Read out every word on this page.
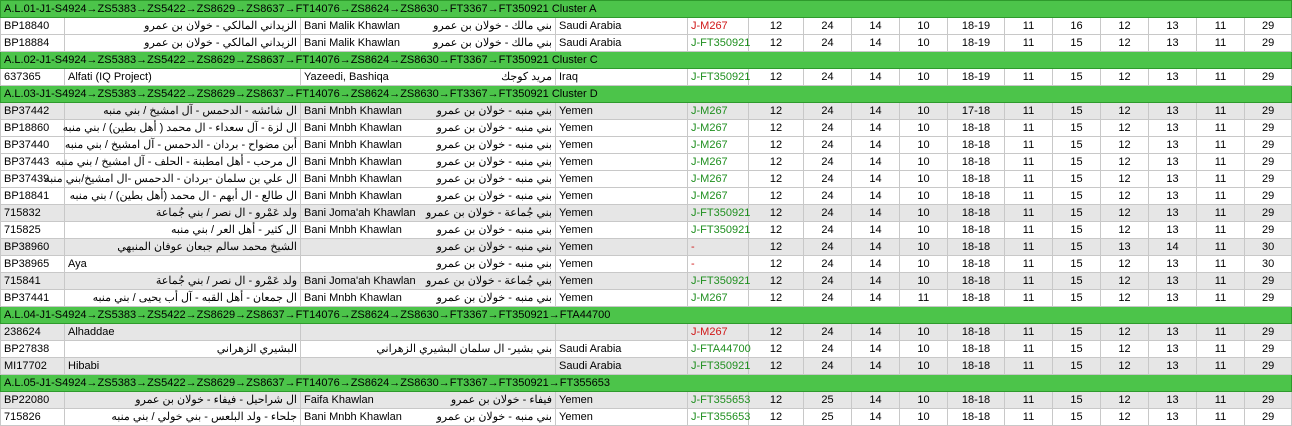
A.L.01-J1-S4924→ZS5383→ZS5422→ZS8629→ZS8637→FT14076→ZS8624→ZS8630→FT3367→FT350921 Cluster A															
BP18840	الزيداني المالكي - خولان بن عمرو	Bani Malik Khawlan بني مالك - خولان بن عمرو	Saudi Arabia	J-M267	12	24	14	10	18-19	11	16	12	13	11	29
BP18884	الزيداني المالكي - خولان بن عمرو	Bani Malik Khawlan بني مالك - خولان بن عمرو	Saudi Arabia	J-FT350921	12	24	14	10	18-19	11	15	12	13	11	29
A.L.02-J1-S4924→ZS5383→ZS5422→ZS8629→ZS8637→FT14076→ZS8624→ZS8630→FT3367→FT350921 Cluster C															
637365	Alfati (IQ Project)	Yazeedi, Bashiqa مريد كوجك	Iraq	J-FT350921	12	24	14	10	18-19	11	15	12	13	11	29
A.L.03-J1-S4924→ZS5383→ZS5422→ZS8629→ZS8637→FT14076→ZS8624→ZS8630→FT3367→FT350921 Cluster D															
BP37442	ال شائشه - الدحمس - آل امشيخ / بني منبه	Bani Mnbh Khawlan بني منبه - خولان بن عمرو	Yemen	J-M267	12	24	14	10	17-18	11	15	12	13	11	29
BP18860	ال لزة - آل سعداء - ال محمد ( أهل بطين) / بني منبه	Bani Mnbh Khawlan بني منبه - خولان بن عمرو	Yemen	J-M267	12	24	14	10	18-18	11	15	12	13	11	29
BP37440	أبن مضواح - بردان - الدحمس - آل امشيخ / بني منبه	Bani Mnbh Khawlan بني منبه - خولان بن عمرو	Yemen	J-M267	12	24	14	10	18-18	11	15	12	13	11	29
BP37443	ال مرحب - أهل امطبنة - الحلف - آل امشيخ / بني منبه	Bani Mnbh Khawlan بني منبه - خولان بن عمرو	Yemen	J-M267	12	24	14	10	18-18	11	15	12	13	11	29
BP37439	ال علي بن سلمان -بردان - الدحمس -ال امشيخ/بني منبه	Bani Mnbh Khawlan بني منبه - خولان بن عمرو	Yemen	J-M267	12	24	14	10	18-18	11	15	12	13	11	29
BP18841	ال طالع - ال أبهم - ال محمد (أهل بطين) / بني منبه	Bani Mnbh Khawlan بني منبه - خولان بن عمرو	Yemen	J-M267	12	24	14	10	18-18	11	15	12	13	11	29
715832	ولد عَمْرو - ال نصر / بني جُماعة	Bani Joma'ah Khawlan بني جُماعة - خولان بن عمرو	Yemen	J-FT350921	12	24	14	10	18-18	11	15	12	13	11	29
715825	ال كثير - أهل العر / بني منبه	Bani Mnbh Khawlan بني منبه - خولان بن عمرو	Yemen	J-FT350921	12	24	14	10	18-18	11	15	12	13	11	29
BP38960	الشيخ محمد سالم جبعان عوفان المنبهي	بني منبه - خولان بن عمرو	Yemen	-	12	24	14	10	18-18	11	15	13	14	11	30
BP38965	Aya	بني منبه - خولان بن عمرو	Yemen	-	12	24	14	10	18-18	11	15	12	13	11	30
715841	ولد عَمْرو - ال نصر / بني جُماعة	Bani Joma'ah Khawlan بني جُماعة - خولان بن عمرو	Yemen	J-FT350921	12	24	14	10	18-18	11	15	12	13	11	29
BP37441	ال جمعان - أهل القبه - آل أب يحيى / بني منبه	Bani Mnbh Khawlan بني منبه - خولان بن عمرو	Yemen	J-M267	12	24	14	11	18-18	11	15	12	13	11	29
A.L.04-J1-S4924→ZS5383→ZS5422→ZS8629→ZS8637→FT14076→ZS8624→ZS8630→FT3367→FT350921→FTA44700															
238624	Alhaddae			J-M267	12	24	14	10	18-18	11	15	12	13	11	29
BP27838	البشيري الزهراني	بني بشير- ال سلمان البشيري الزهراني	Saudi Arabia	J-FTA44700	12	24	14	10	18-18	11	15	12	13	11	29
MI17702	Hibabi		Saudi Arabia	J-FT350921	12	24	14	10	18-18	11	15	12	13	11	29
A.L.05-J1-S4924→ZS5383→ZS5422→ZS8629→ZS8637→FT14076→ZS8624→ZS8630→FT3367→FT350921→FT355653															
BP22080	ال شراحيل - فيفاء - خولان بن عمرو	Faifa Khawlan فيفاء - خولان بن عمرو	Yemen	J-FT355653	12	25	14	10	18-18	11	15	12	13	11	29
715826	جلحاء - ولد البلعس - بني خولي / بني منبه	Bani Mnbh Khawlan بني منبه - خولان بن عمرو	Yemen	J-FT355653	12	25	14	10	18-18	11	15	12	13	11	29
